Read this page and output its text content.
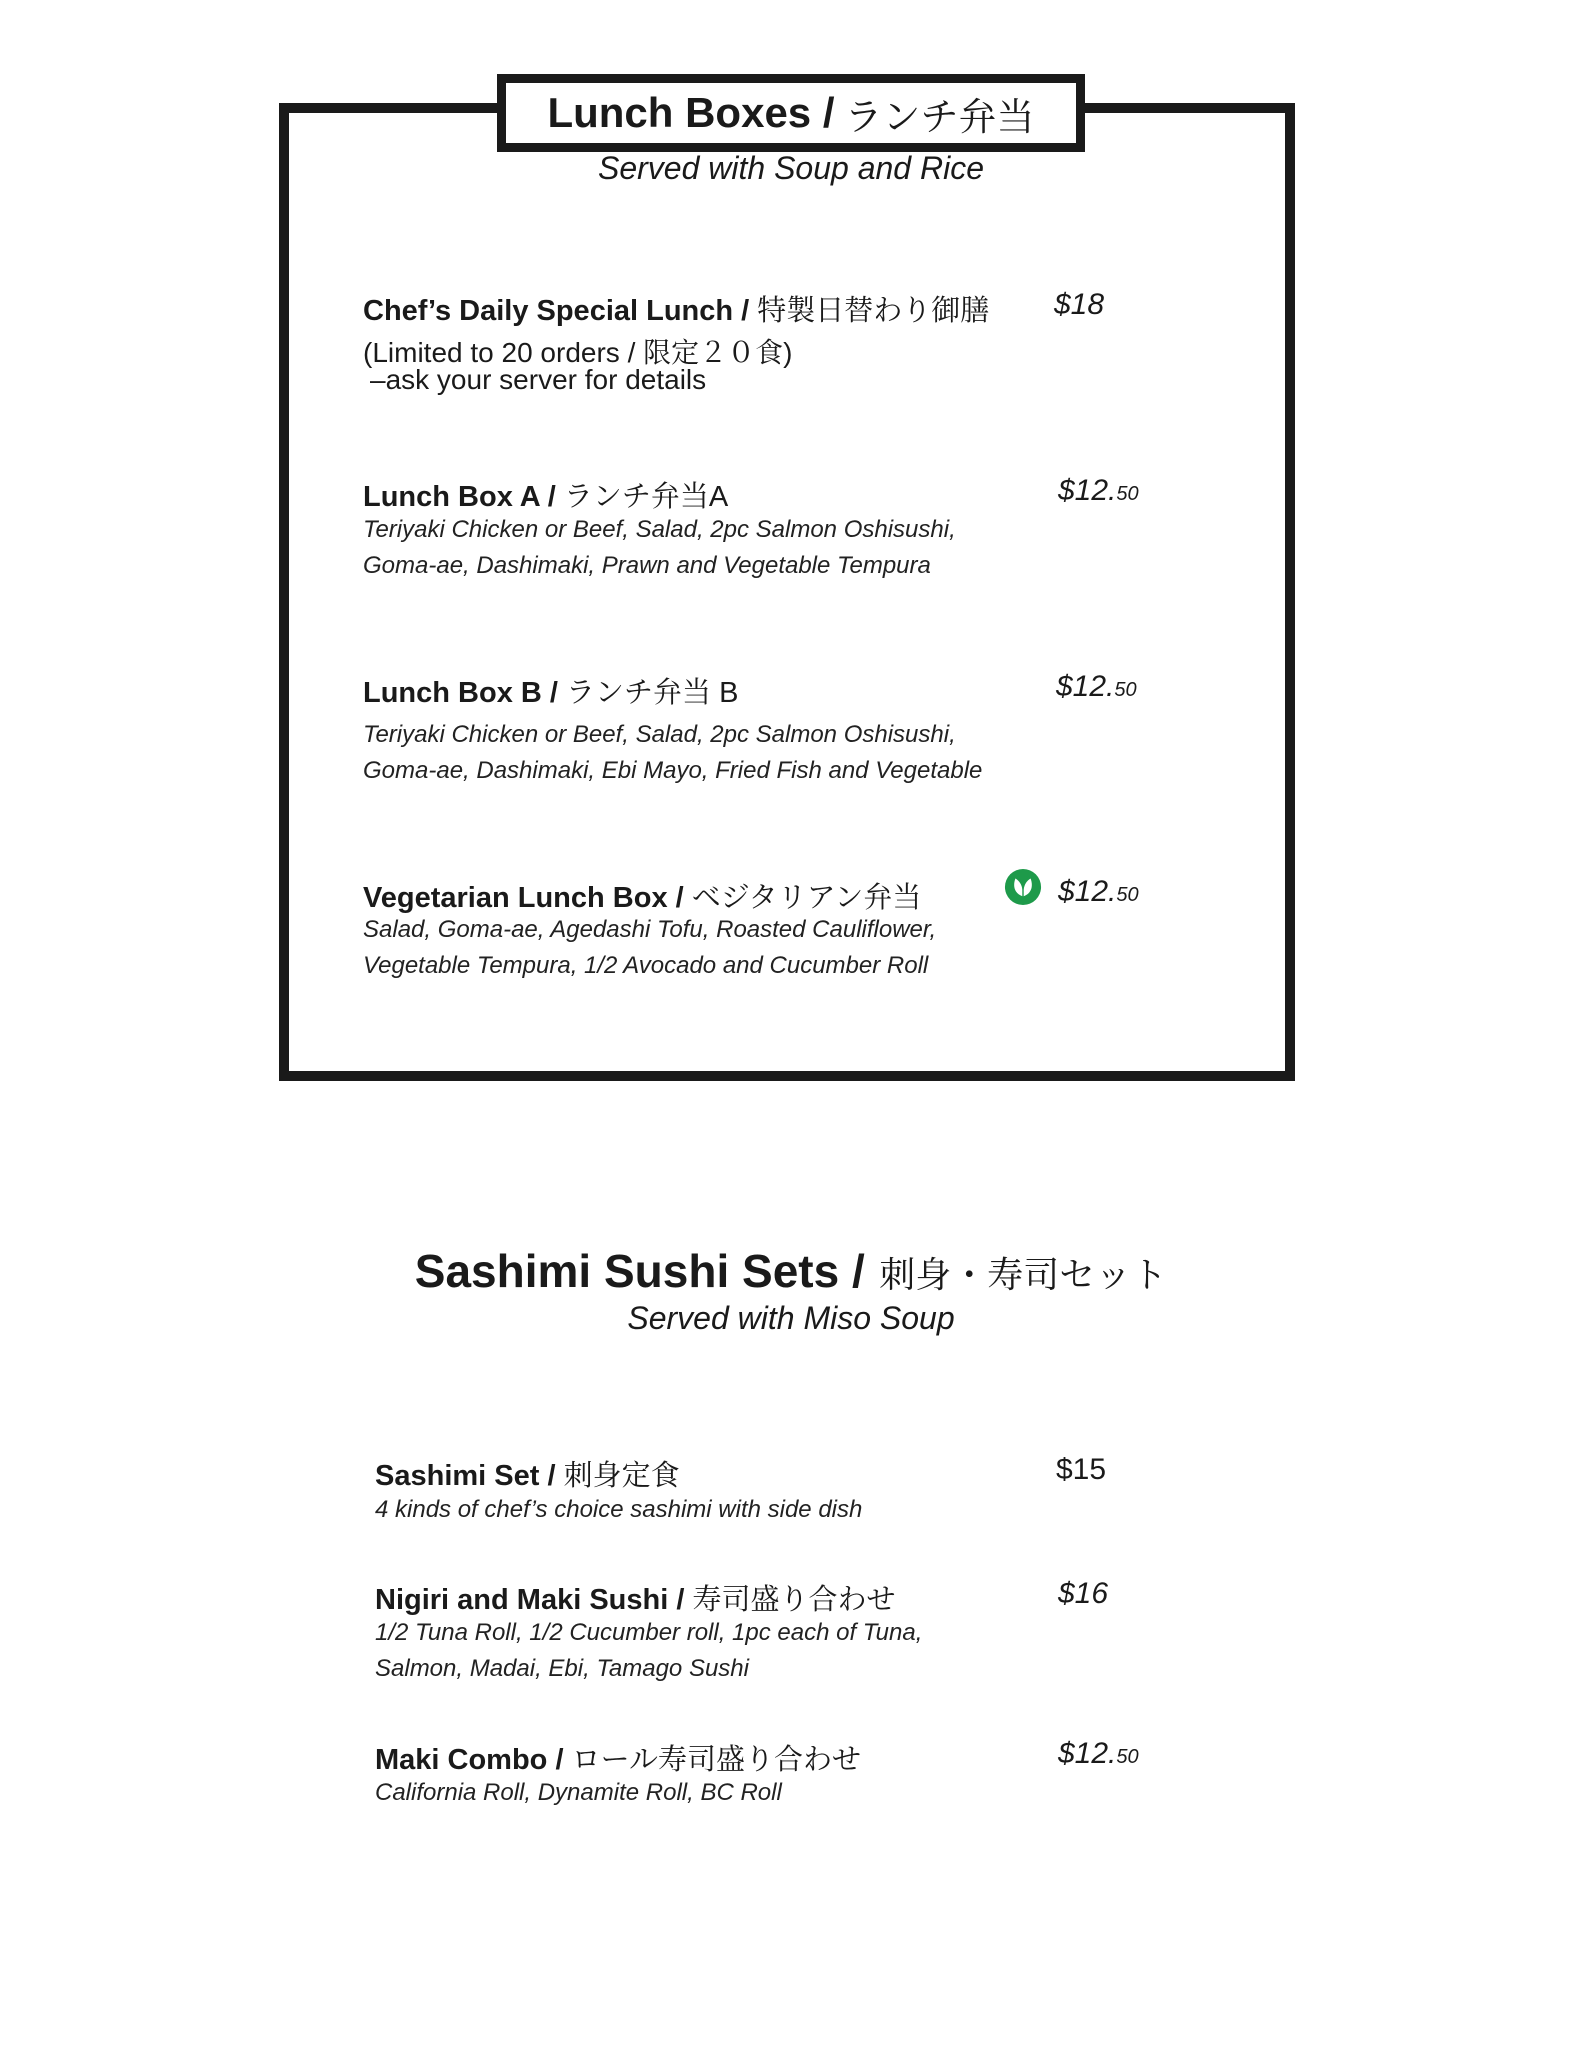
Lunch Boxes / ランチ弁当
Served with Soup and Rice
Chef’s Daily Special Lunch / 特製日替わり御膳 $18
(Limited to 20 orders / 限定２０食)
–ask your server for details
Lunch Box A / ランチ弁当A	$12.50
Teriyaki Chicken or Beef, Salad, 2pc Salmon Oshisushi,
Goma-ae, Dashimaki, Prawn and Vegetable Tempura
Lunch Box B / ランチ弁当 B	$12.50
Teriyaki Chicken or Beef, Salad, 2pc Salmon Oshisushi,
Goma-ae, Dashimaki, Ebi Mayo, Fried Fish and Vegetable
Vegetarian Lunch Box / ベジタリアン弁当	$12.50
Salad, Goma-ae, Agedashi Tofu, Roasted Cauliflower,
Vegetable Tempura, 1/2 Avocado and Cucumber Roll
Sashimi Sushi Sets / 刺身・寿司セット
Served with Miso Soup
Sashimi Set / 刺身定食	$15
4 kinds of chef’s choice sashimi with side dish
Nigiri and Maki Sushi / 寿司盛り合わせ	$16
1/2 Tuna Roll, 1/2 Cucumber roll, 1pc each of Tuna,
Salmon, Madai, Ebi, Tamago Sushi
Maki Combo / ロール寿司盛り合わせ	$12.50
California Roll, Dynamite Roll, BC Roll
